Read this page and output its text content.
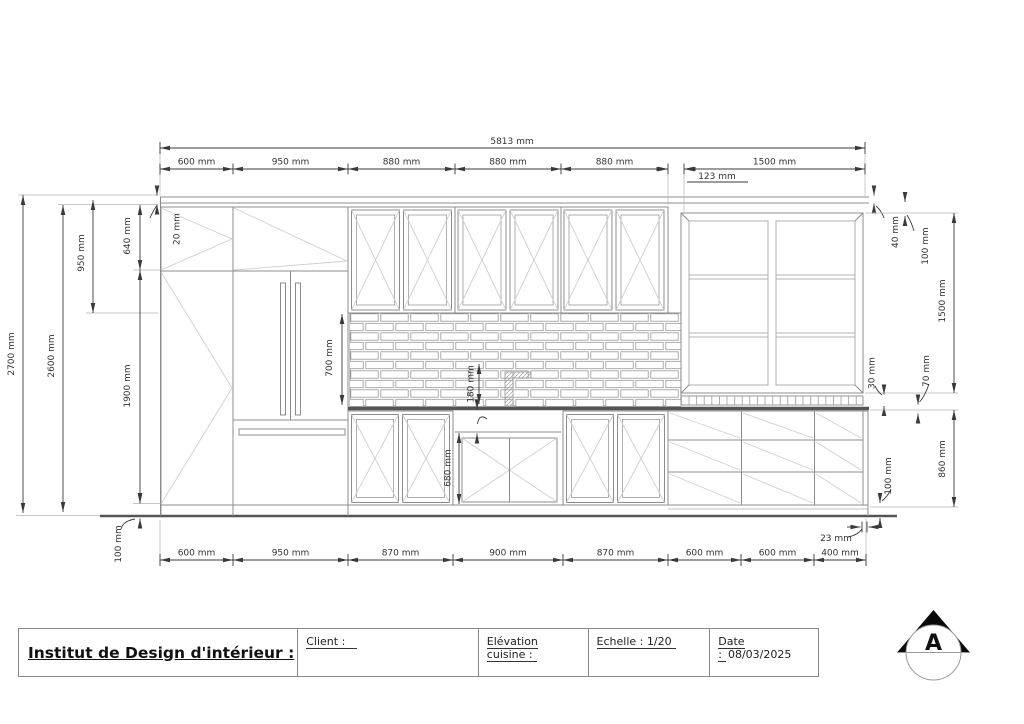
5813 mm
600 mm	950 mm	880 mm	880 mm	880 mm
123 mm
1500 mm
600 mm	950 mm	870 mm	900 mm	870 mm	600 mm	600 mm	400 mm
23 mm
2700 mm	2600 mm
950 mm	640 mm
1900 mm
20 mm
100 mm
40 mm 100 mm
1500 mm
30 mm	70 mm
860 mm
100 mm
700 mm
180 mm
680 mm
A
Institut de Design d'intérieur :
Client :	Elévation cuisine :
Echelle : 1/20	Date : 08/03/2025
